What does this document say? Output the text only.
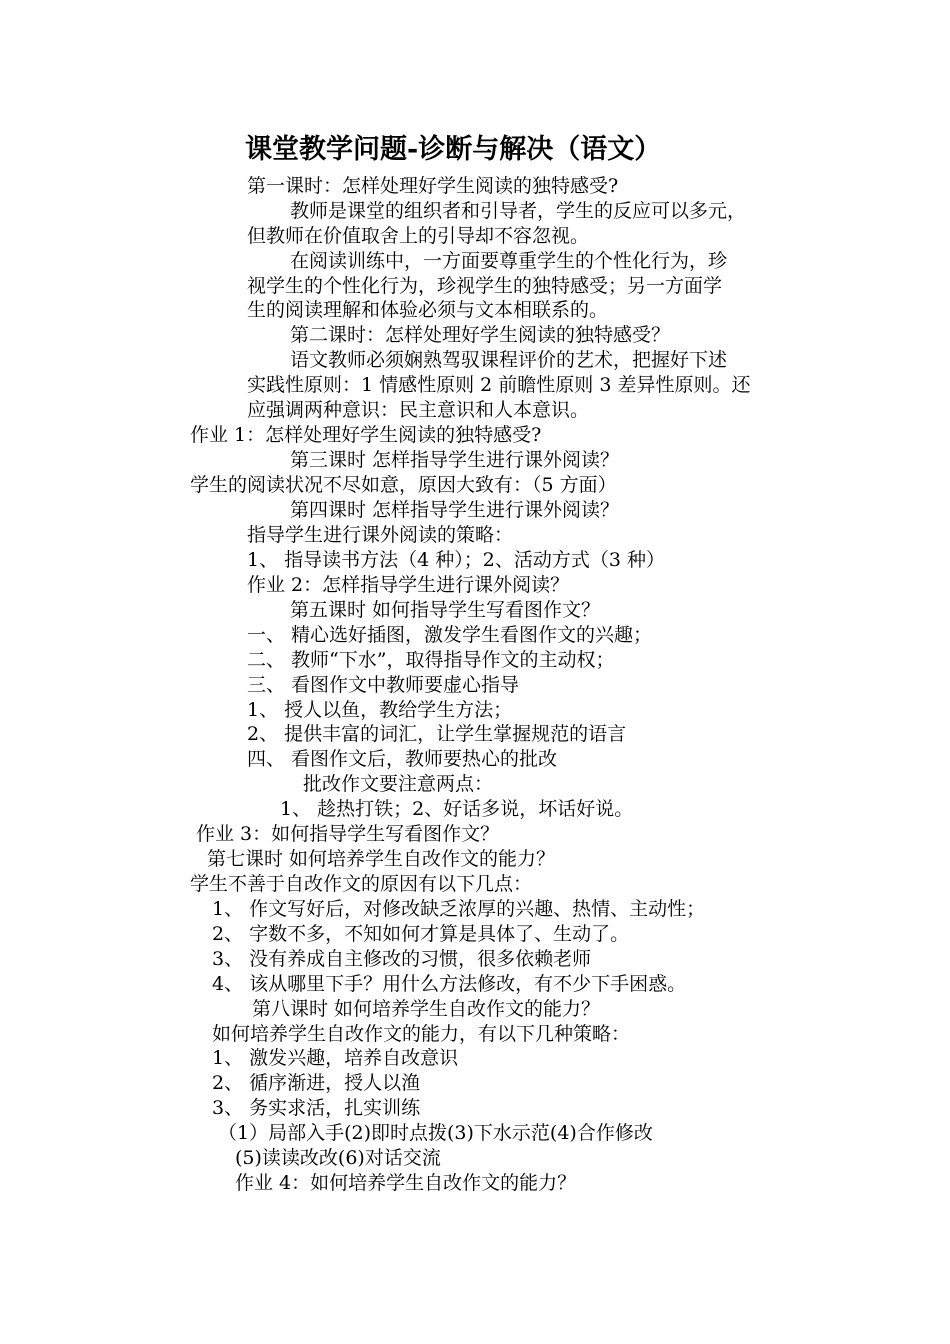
课堂教学问题-诊断与解决（语文）
第一课时：怎样处理好学生阅读的独特感受?
教师是课堂的组织者和引导者，学生的反应可以多元，
但教师在价值取舍上的引导却不容忽视。
在阅读训练中，一方面要尊重学生的个性化行为，珍
视学生的个性化行为，珍视学生的独特感受；另一方面学
生的阅读理解和体验必须与文本相联系的。
第二课时：怎样处理好学生阅读的独特感受？
语文教师必须娴熟驾驭课程评价的艺术，把握好下述
实践性原则：1 情感性原则 2 前瞻性原则 3 差异性原则。还
应强调两种意识：民主意识和人本意识。
作业 1：怎样处理好学生阅读的独特感受?
第三课时 怎样指导学生进行课外阅读？
学生的阅读状况不尽如意，原因大致有：（5 方面）
第四课时 怎样指导学生进行课外阅读？
指导学生进行课外阅读的策略：
1、 指导读书方法（4 种）；2、活动方式（3 种）
作业 2：怎样指导学生进行课外阅读？
第五课时 如何指导学生写看图作文？
一、 精心选好插图，激发学生看图作文的兴趣；
二、 教师“下水”，取得指导作文的主动权；
三、 看图作文中教师要虚心指导
1、 授人以鱼，教给学生方法；
2、 提供丰富的词汇，让学生掌握规范的语言
四、 看图作文后，教师要热心的批改
批改作文要注意两点：
1、 趁热打铁；2、好话多说，坏话好说。
作业 3：如何指导学生写看图作文？
第七课时 如何培养学生自改作文的能力？
学生不善于自改作文的原因有以下几点：
1、 作文写好后，对修改缺乏浓厚的兴趣、热情、主动性；
2、 字数不多，不知如何才算是具体了、生动了。
3、 没有养成自主修改的习惯，很多依赖老师
4、 该从哪里下手？用什么方法修改，有不少下手困惑。
第八课时 如何培养学生自改作文的能力？
如何培养学生自改作文的能力，有以下几种策略：
1、 激发兴趣，培养自改意识
2、 循序渐进，授人以渔
3、 务实求活，扎实训练
（1）局部入手(2)即时点拨(3)下水示范(4)合作修改
(5)读读改改(6)对话交流
作业 4：如何培养学生自改作文的能力？
